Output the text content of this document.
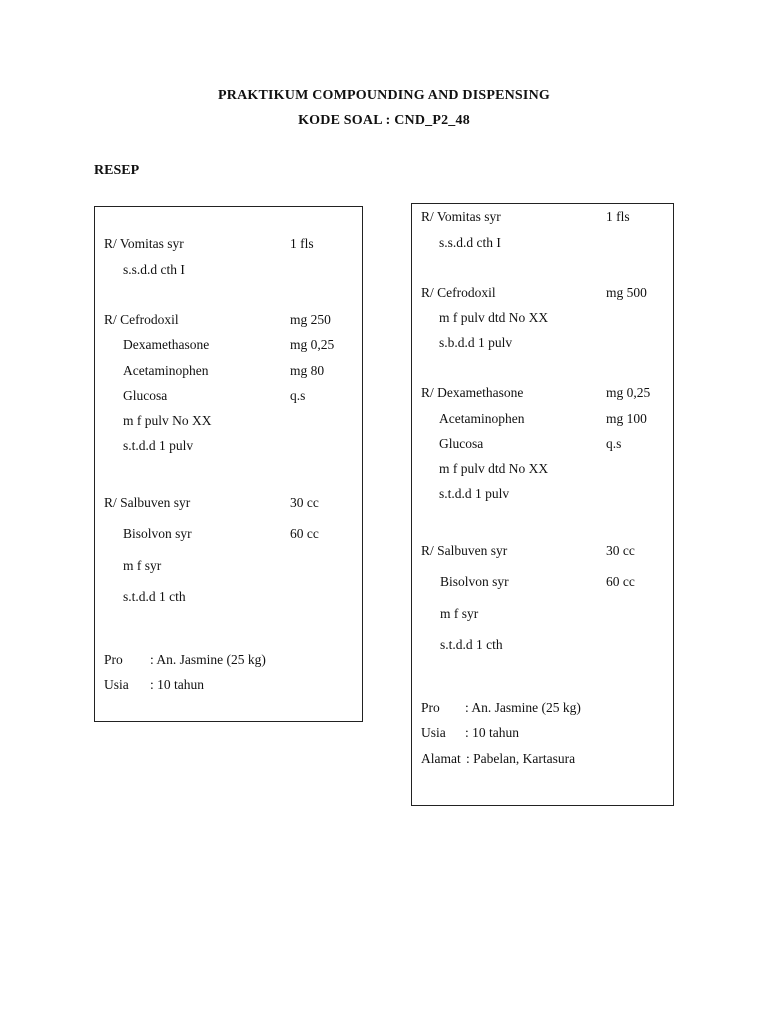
PRAKTIKUM COMPOUNDING AND DISPENSING
KODE SOAL : CND_P2_48
RESEP
R/ Vomitas syr	1 fls
s.s.d.d cth I
R/ Cefrodoxil	mg 250
Dexamethasone	mg 0,25
Acetaminophen	mg 80
Glucosa	q.s
m f pulv No XX
s.t.d.d 1 pulv
R/ Salbuven syr	30 cc
Bisolvon syr	60 cc
m f syr
s.t.d.d 1 cth
Pro : An. Jasmine (25 kg)
Usia : 10 tahun
R/ Vomitas syr	1 fls
s.s.d.d cth I
R/ Cefrodoxil	mg 500
m f pulv dtd No XX
s.b.d.d 1 pulv
R/ Dexamethasone	mg 0,25
Acetaminophen	mg 100
Glucosa	q.s
m f pulv dtd No XX
s.t.d.d 1 pulv
R/ Salbuven syr	30 cc
Bisolvon syr	60 cc
m f syr
s.t.d.d 1 cth
Pro : An. Jasmine (25 kg)
Usia : 10 tahun
Alamat : Pabelan, Kartasura
